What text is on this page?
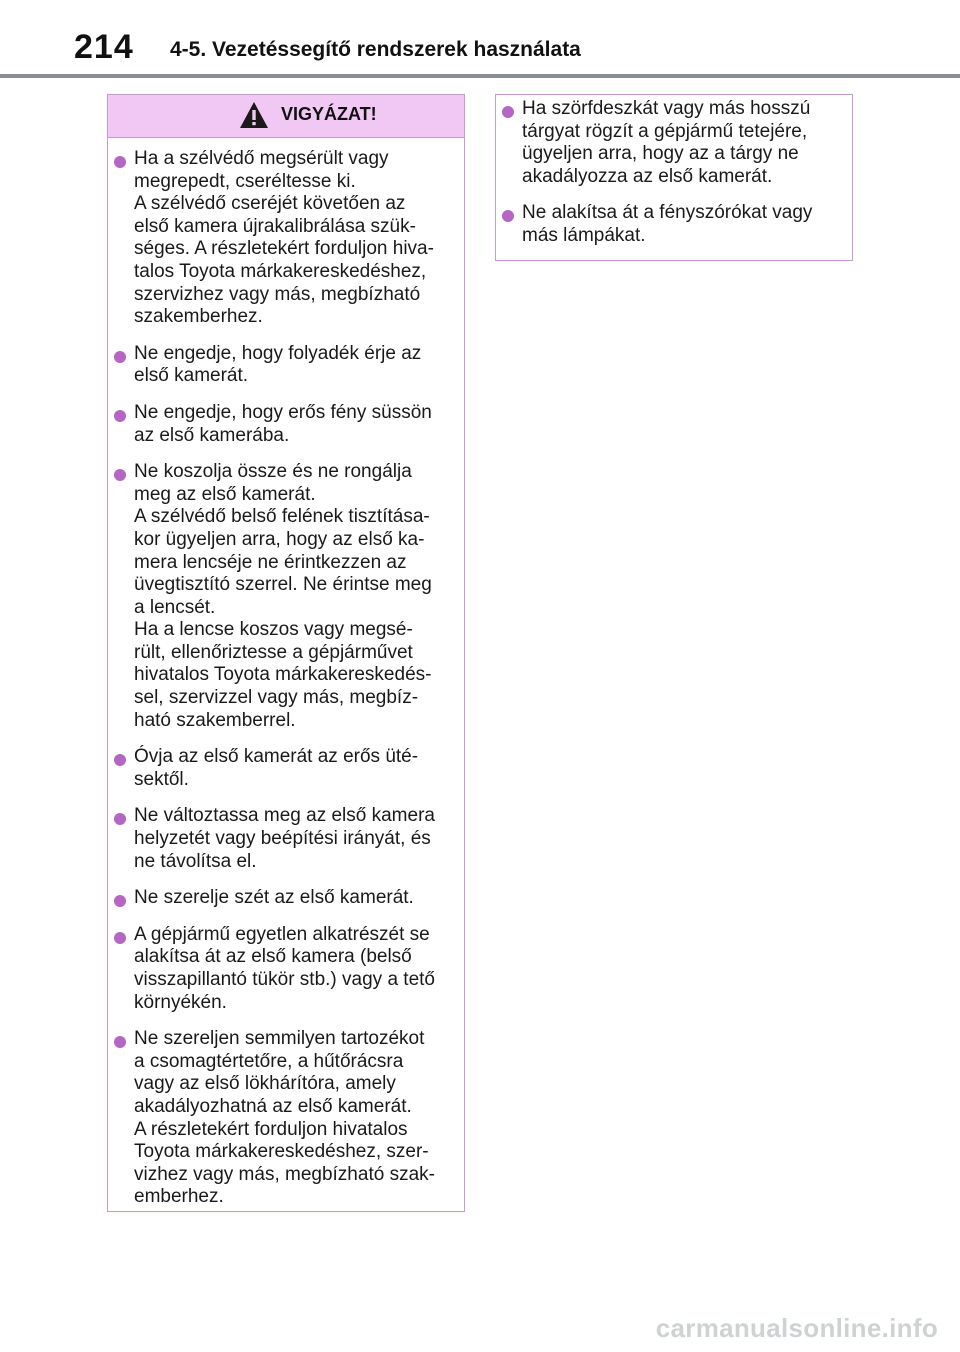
214 4-5. Vezetéssegítő rendszerek használata
VIGYÁZAT!
Ha a szélvédő megsérült vagy
megrepedt, cseréltesse ki.
A szélvédő cseréjét követően az
első kamera újrakalibrálása szük-
séges. A részletekért forduljon hiva-
talos Toyota márkakereskedéshez,
szervizhez vagy más, megbízható
szakemberhez.
Ne engedje, hogy folyadék érje az
első kamerát.
Ne engedje, hogy erős fény süssön
az első kamerába.
Ne koszolja össze és ne rongálja
meg az első kamerát.
A szélvédő belső felének tisztítása-
kor ügyeljen arra, hogy az első ka-
mera lencséje ne érintkezzen az
üvegtisztító szerrel. Ne érintse meg
a lencsét.
Ha a lencse koszos vagy megsé-
rült, ellenőriztesse a gépjárművet
hivatalos Toyota márkakereskedés-
sel, szervizzel vagy más, megbíz-
ható szakemberrel.
Óvja az első kamerát az erős üté-
sektől.
Ne változtassa meg az első kamera
helyzetét vagy beépítési irányát, és
ne távolítsa el.
Ne szerelje szét az első kamerát.
A gépjármű egyetlen alkatrészét se
alakítsa át az első kamera (belső
visszapillantó tükör stb.) vagy a tető
környékén.
Ne szereljen semmilyen tartozékot
a csomagtértetőre, a hűtőrácsra
vagy az első lökhárítóra, amely
akadályozhatná az első kamerát.
A részletekért forduljon hivatalos
Toyota márkakereskedéshez, szer-
vizhez vagy más, megbízható szak-
emberhez.
Ha szörfdeszkát vagy más hosszú
tárgyat rögzít a gépjármű tetejére,
ügyeljen arra, hogy az a tárgy ne
akadályozza az első kamerát.
Ne alakítsa át a fényszórókat vagy
más lámpákat.
carmanualsonline.info
